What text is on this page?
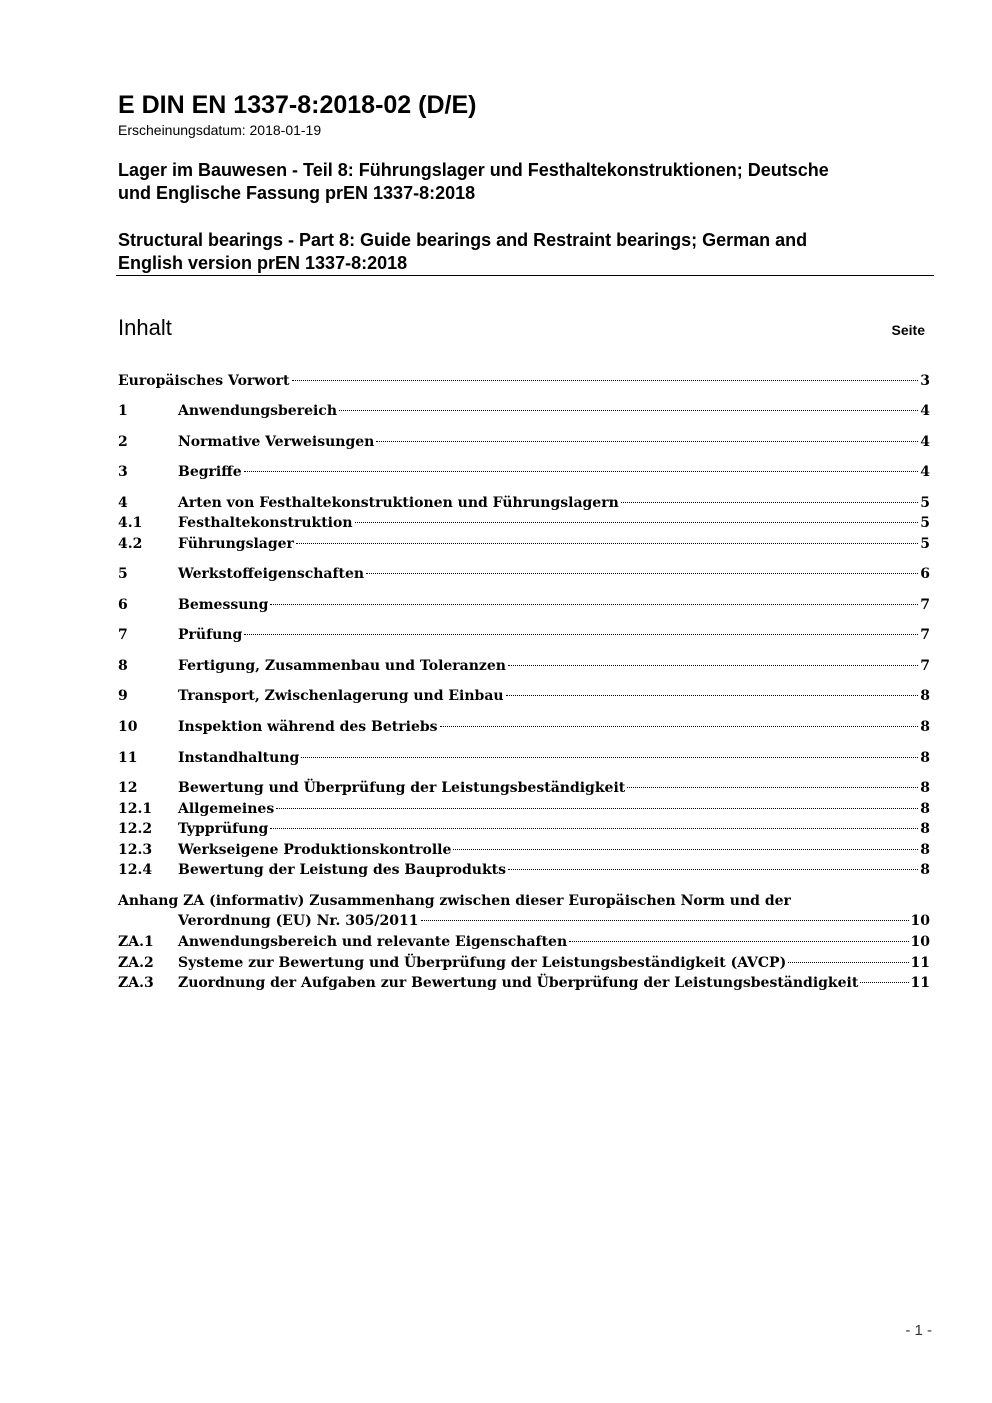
E DIN EN 1337-8:2018-02 (D/E)
Erscheinungsdatum: 2018-01-19
Lager im Bauwesen - Teil 8: Führungslager und Festhaltekonstruktionen; Deutsche
und Englische Fassung prEN 1337-8:2018
Structural bearings - Part 8: Guide bearings and Restraint bearings; German and
English version prEN 1337-8:2018
Inhalt	Seite
Europäisches Vorwort	3
1	Anwendungsbereich	4
2	Normative Verweisungen	4
3	Begriffe	4
4	Arten von Festhaltekonstruktionen und Führungslagern	5
4.1	Festhaltekonstruktion	5
4.2	Führungslager	5
5	Werkstoffeigenschaften	6
6	Bemessung	7
7	Prüfung	7
8	Fertigung, Zusammenbau und Toleranzen	7
9	Transport, Zwischenlagerung und Einbau	8
10	Inspektion während des Betriebs	8
11	Instandhaltung	8
12	Bewertung und Überprüfung der Leistungsbeständigkeit	8
12.1 Allgemeines	8
12.2 Typprüfung	8
12.3 Werkseigene Produktionskontrolle	8
12.4 Bewertung der Leistung des Bauprodukts	8
Anhang ZA (informativ) Zusammenhang zwischen dieser Europäischen Norm und der
Verordnung (EU) Nr. 305/2011	10
ZA.1 Anwendungsbereich und relevante Eigenschaften	10
ZA.2 Systeme zur Bewertung und Überprüfung der Leistungsbeständigkeit (AVCP)	11
ZA.3 Zuordnung der Aufgaben zur Bewertung und Überprüfung der Leistungsbeständigkeit	11
- 1 -
